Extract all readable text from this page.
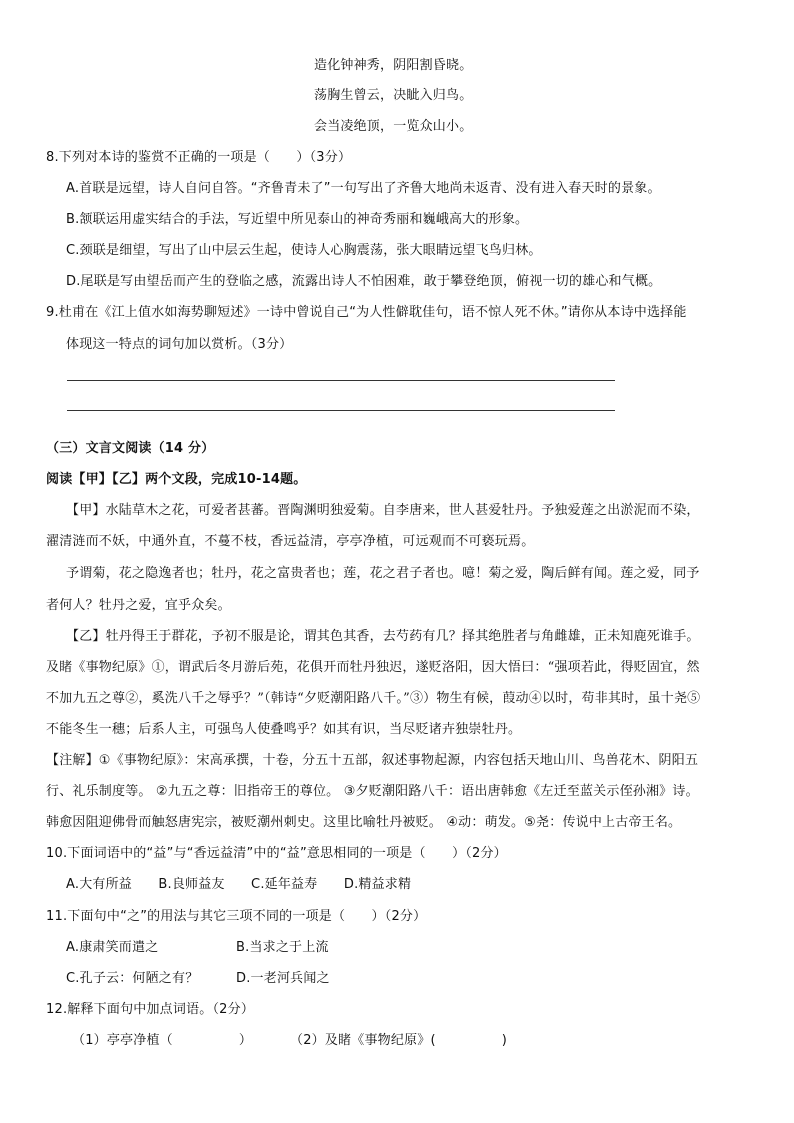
造化钟神秀，阴阳割昏晓。
荡胸生曾云，决眦入归鸟。
会当凌绝顶，一览众山小。
8.下列对本诗的鉴赏不正确的一项是（　　）（3分）
A.首联是远望，诗人自问自答。“齐鲁青未了”一句写出了齐鲁大地尚未返青、没有进入春天时的景象。
B.颔联运用虚实结合的手法，写近望中所见泰山的神奇秀丽和巍峨高大的形象。
C.颈联是细望，写出了山中层云生起，使诗人心胸震荡，张大眼睛远望飞鸟归林。
D.尾联是写由望岳而产生的登临之感，流露出诗人不怕困难，敢于攀登绝顶，俯视一切的雄心和气概。
9.杜甫在《江上值水如海势聊短述》一诗中曾说自己“为人性僻耽佳句，语不惊人死不休。”请你从本诗中选择能
体现这一特点的词句加以赏析。（3分）
（三）文言文阅读（14 分）
阅读【甲】【乙】两个文段，完成10-14题。
【甲】水陆草木之花，可爱者甚蕃。晋陶渊明独爱菊。自李唐来，世人甚爱牡丹。予独爱莲之出淤泥而不染，
濯清涟而不妖，中通外直，不蔓不枝，香远益清，亭亭净植，可远观而不可亵玩焉。
予谓菊，花之隐逸者也；牡丹，花之富贵者也；莲，花之君子者也。噫！菊之爱，陶后鲜有闻。莲之爱，同予
者何人？牡丹之爱，宜乎众矣。
【乙】牡丹得王于群花，予初不服是论，谓其色其香，去芍药有几？择其绝胜者与角雌雄，正未知鹿死谁手。
及睹《事物纪原》①，谓武后冬月游后苑，花俱开而牡丹独迟，遂贬洛阳，因大悟曰：“强项若此，得贬固宜，然
不加九五之尊②，奚洗八千之辱乎？”（韩诗“夕贬潮阳路八千。”③）物生有候，葭动④以时，苟非其时，虽十尧⑤
不能冬生一穗；后系人主，可强鸟人使叠鸣乎？如其有识，当尽贬诸卉独崇牡丹。
【注解】①《事物纪原》：宋高承撰，十卷，分五十五部，叙述事物起源，内容包括天地山川、鸟兽花木、阴阳五
行、礼乐制度等。 ②九五之尊：旧指帝王的尊位。 ③夕贬潮阳路八千：语出唐韩愈《左迁至蓝关示侄孙湘》诗。
韩愈因阻迎佛骨而触怒唐宪宗，被贬潮州刺史。这里比喻牡丹被贬。 ④动：萌发。⑤尧：传说中上古帝王名。
10.下面词语中的“益”与“香远益清”中的“益”意思相同的一项是（　　）（2分）
A.大有所益　　B.良师益友　　C.延年益寿　　D.精益求精
11.下面句中“之”的用法与其它三项不同的一项是（　　）（2分）
A.康肃笑而遣之	B.当求之于上流
C.孔子云：何陋之有？	D.一老河兵闻之
12.解释下面句中加点词语。（2分）
（1）亭亭净植（　　　　　）	（2）及睹《事物纪原》(　　　　　)
